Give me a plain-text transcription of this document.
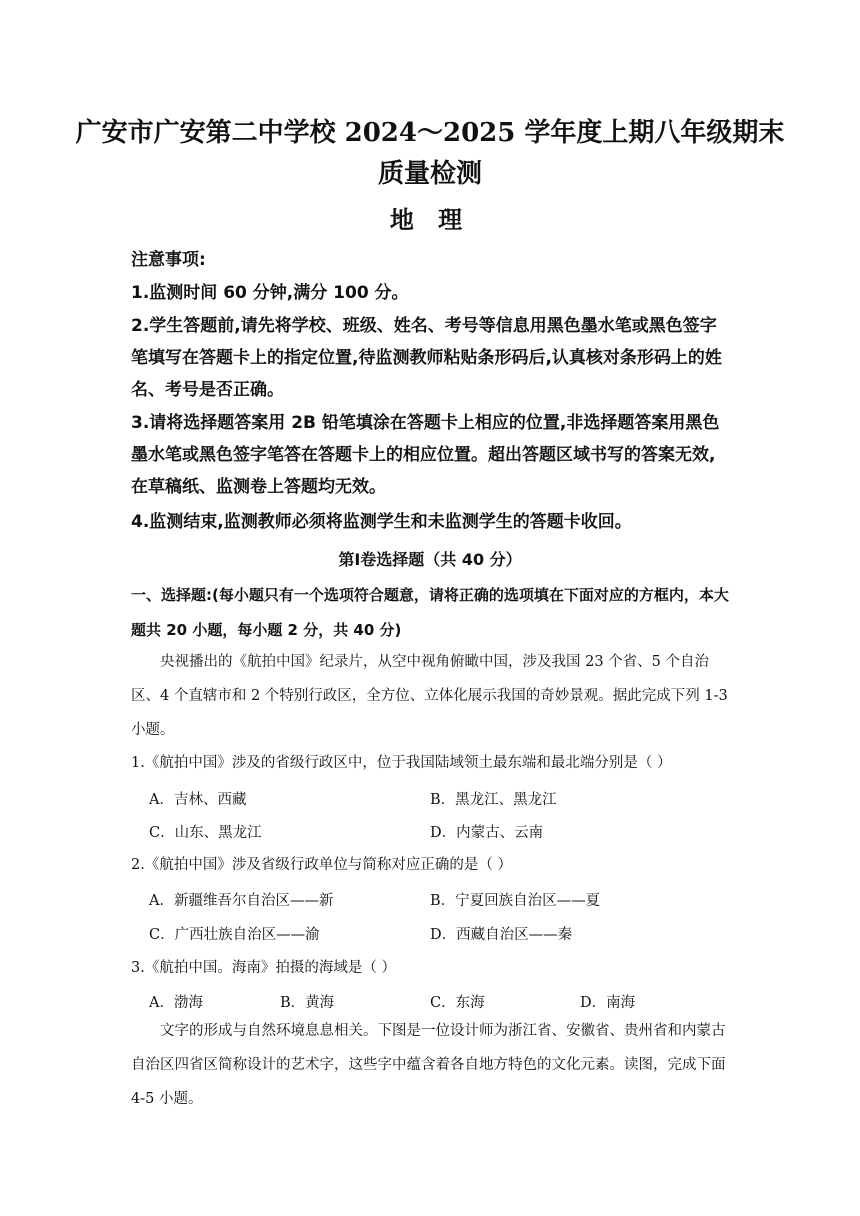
广安市广安第二中学校 2024～2025 学年度上期八年级期末
质量检测
地 理
注意事项:
1.监测时间 60 分钟,满分 100 分。
2.学生答题前,请先将学校、班级、姓名、考号等信息用黑色墨水笔或黑色签字笔填写在答题卡上的指定位置,待监测教师粘贴条形码后,认真核对条形码上的姓名、考号是否正确。
3.请将选择题答案用 2B 铅笔填涂在答题卡上相应的位置,非选择题答案用黑色墨水笔或黑色签字笔答在答题卡上的相应位置。超出答题区域书写的答案无效,在草稿纸、监测卷上答题均无效。
4.监测结束,监测教师必须将监测学生和未监测学生的答题卡收回。
第Ⅰ卷选择题（共 40 分）
一、选择题:(每小题只有一个选项符合题意，请将正确的选项填在下面对应的方框内，本大题共 20 小题，每小题 2 分，共 40 分)
央视播出的《航拍中国》纪录片，从空中视角俯瞰中国，涉及我国 23 个省、5 个自治区、4 个直辖市和 2 个特别行政区，全方位、立体化展示我国的奇妙景观。据此完成下列 1-3 小题。
1.《航拍中国》涉及的省级行政区中，位于我国陆域领土最东端和最北端分别是（ ）
A．吉林、西藏	B．黑龙江、黑龙江
C．山东、黑龙江	D．内蒙古、云南
2.《航拍中国》涉及省级行政单位与简称对应正确的是（ ）
A．新疆维吾尔自治区——新	B．宁夏回族自治区——夏
C．广西壮族自治区——渝	D．西藏自治区——秦
3.《航拍中国。海南》拍摄的海域是（ ）
A．渤海	B．黄海	C．东海	D．南海
文字的形成与自然环境息息相关。下图是一位设计师为浙江省、安徽省、贵州省和内蒙古自治区四省区简称设计的艺术字，这些字中蕴含着各自地方特色的文化元素。读图，完成下面 4-5 小题。
